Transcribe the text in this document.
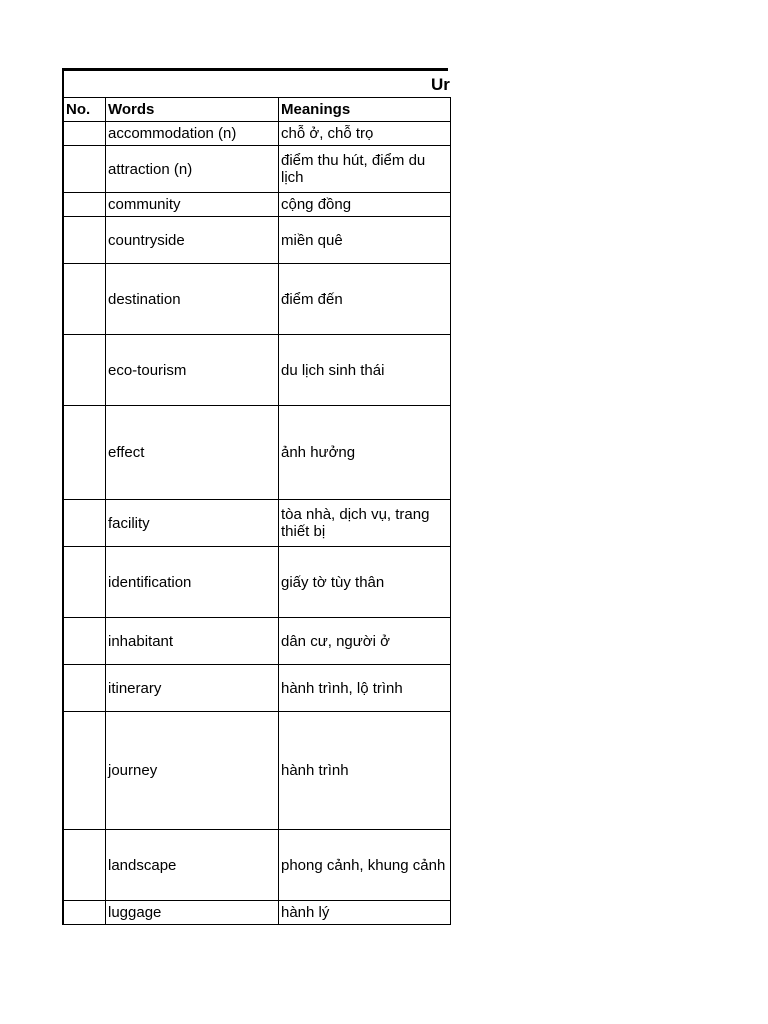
Ur
No.	Words	Meanings
	accommodation (n)	chỗ ở, chỗ trọ
	attraction (n)	điểm thu hút, điểm du lịch
	community	cộng đồng
	countryside	miền quê
	destination	điểm đến
	eco-tourism	du lịch sinh thái
	effect	ảnh hưởng
	facility	tòa nhà, dịch vụ, trang thiết bị
	identification	giấy tờ tùy thân
	inhabitant	dân cư, người ở
	itinerary	hành trình, lộ trình
	journey	hành trình
	landscape	phong cảnh, khung cảnh
	luggage	hành lý
